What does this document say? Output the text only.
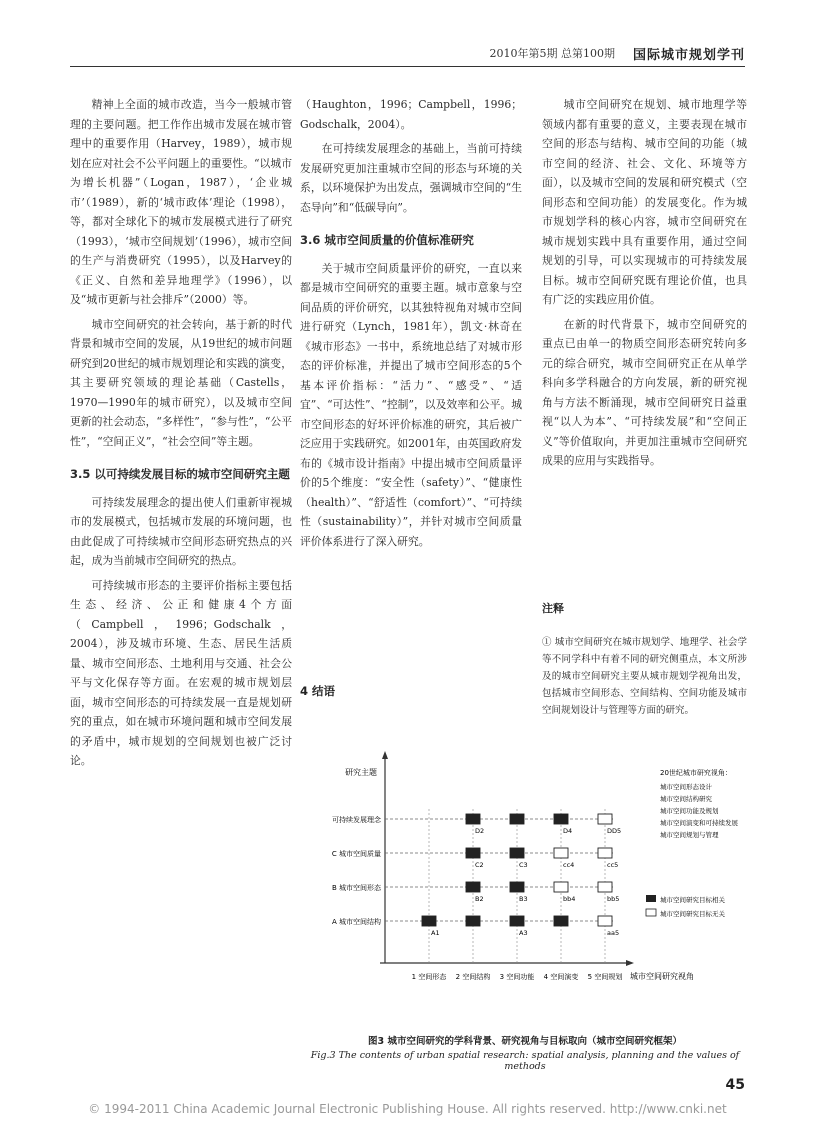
2010年第5期 总第100期 国际城市规划学刊

精神上全面的城市改造，当今一般城市管理的主要问题。把工作作出城市发展在城市管理中的重要作用（Harvey，1989），城市规划在应对社会不公平问题上的重要性。“以城市为增长机器”（Logan，1987），‘企业城市’（1989），新的‘城市政体’理论（1998），等，都对全球化下的城市发展模式进行了研究（1993），‘城市空间规划’（1996），城市空间的生产与消费研究（1995），以及Harvey的《正义、自然和差异地理学》（1996），以及“城市更新与社会排斥”（2000）等。

城市空间研究的社会转向，基于新的时代背景和城市空间的发展，从19世纪的城市问题研究到20世纪的城市规划理论和实践的演变，其主要研究领域的理论基础（Castells，1970—1990年的城市研究），以及城市空间更新的社会动态，“多样性”，“参与性”，“公平性”，“空间正义”，“社会空间”等主题。

3.5 以可持续发展目标的城市空间研究主题

可持续发展理念的提出使人们重新审视城市的发展模式，包括城市发展的环境问题，也由此促成了可持续城市空间形态研究热点的兴起，成为当前城市空间研究的热点。

可持续城市形态的主要评价指标主要包括生态、经济、公正和健康4个方面（Campbell，1996；Godschalk，2004），涉及城市环境、生态、居民生活质量、城市空间形态、土地利用与交通、社会公平与文化保存等方面。在宏观的城市规划层面，城市空间形态的可持续发展一直是规划研究的重点，如在城市环境问题和城市空间发展的矛盾中，城市规划的空间规划也被广泛讨论。

（Haughton，1996；Campbell，1996；Godschalk，2004）。

在可持续发展理念的基础上，当前可持续发展研究更加注重城市空间的形态与环境的关系，以环境保护为出发点，强调城市空间的“生态导向”和“低碳导向”。

3.6 城市空间质量的价值标准研究

关于城市空间质量评价的研究，一直以来都是城市空间研究的重要主题。城市意象与空间品质的评价研究，以其独特视角对城市空间进行研究（Lynch，1981年），凯文·林奇在《城市形态》一书中，系统地总结了对城市形态的评价标准，并提出了城市空间形态的5个基本评价指标：“活力”、“感受”、“适宜”、“可达性”、“控制”，以及效率和公平。城市空间形态的好坏评价标准的研究，其后被广泛应用于实践研究。如2001年，由英国政府发布的《城市设计指南》中提出城市空间质量评价的5个维度：“安全性（safety）”、“健康性（health）”、“舒适性（comfort）”、“可持续性（sustainability）”，并针对城市空间质量评价体系进行了深入研究。

4 结语

城市空间研究在规划、城市地理学等领域内都有重要的意义，主要表现在城市空间的形态与结构、城市空间的功能（城市空间的经济、社会、文化、环境等方面），以及城市空间的发展和研究模式（空间形态和空间功能）的发展变化。作为城市规划学科的核心内容，城市空间研究在城市规划实践中具有重要作用，通过空间规划的引导，可以实现城市的可持续发展目标。城市空间研究既有理论价值，也具有广泛的实践应用价值。

在新的时代背景下，城市空间研究的重点已由单一的物质空间形态研究转向多元的综合研究，城市空间研究正在从单学科向多学科融合的方向发展，新的研究视角与方法不断涌现，城市空间研究日益重视“以人为本”、“可持续发展”和“空间正义”等价值取向，并更加注重城市空间研究成果的应用与实践指导。

注释
① 城市空间研究在城市规划学、地理学、社会学等不同学科中有着不同的研究侧重点，本文所涉及的城市空间研究主要从城市规划学视角出发，包括城市空间形态、空间结构、空间功能及城市空间规划设计与管理等方面的研究。
研究主题
城市空间研究视角
可持续发展理念
C 城市空间质量
B 城市空间形态
A 城市空间结构
1 空间形态 2 空间结构 3 空间功能 4 空间演变 5 空间规划
A1	A3	aa5
B2	B3	bb4	bb5
C2	C3	cc4	cc5
D2	D4	DD5
20世纪城市研究视角：
城市空间形态设计
城市空间结构研究
城市空间功能及规划
城市空间演变和可持续发展
城市空间规划与管理
城市空间研究目标相关
城市空间研究目标无关
图3 城市空间研究的学科背景、研究视角与目标取向（城市空间研究框架）
Fig.3 The contents of urban spatial research: spatial analysis, planning and the values of methods
45
© 1994-2011 China Academic Journal Electronic Publishing House. All rights reserved. http://www.cnki.net
